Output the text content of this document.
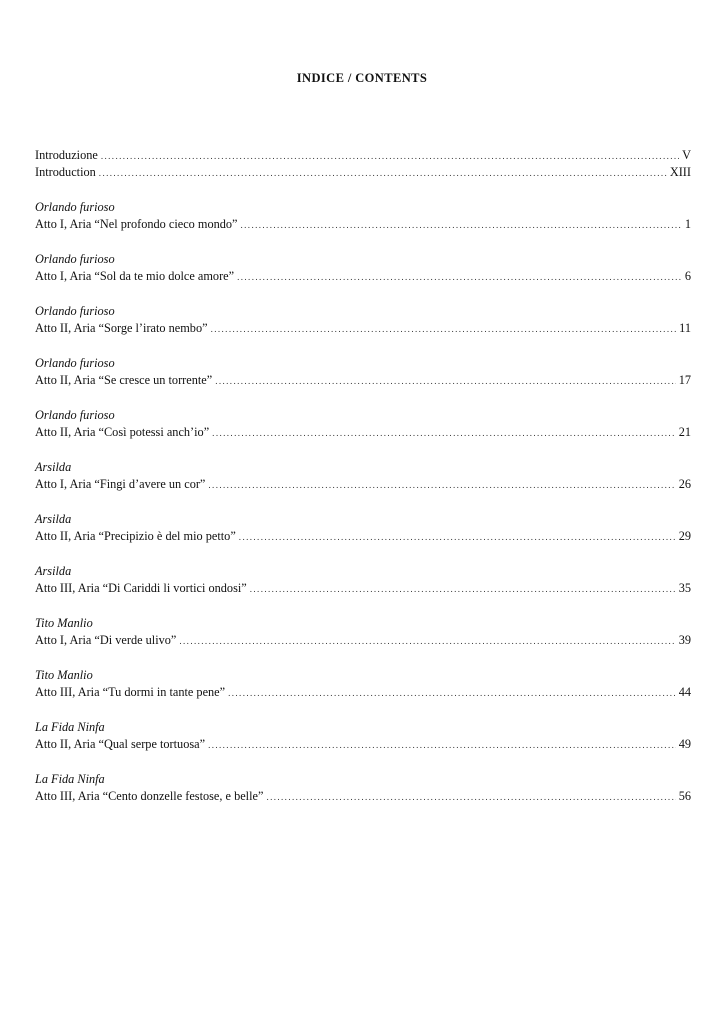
INDICE / CONTENTS
Introduzione .....	V
Introduction .....	XIII
Orlando furioso
Atto I, Aria “Nel profondo cieco mondo” .....	1
Orlando furioso
Atto I, Aria “Sol da te mio dolce amore” .....	6
Orlando furioso
Atto II, Aria “Sorge l’irato nembo” .....	11
Orlando furioso
Atto II, Aria “Se cresce un torrente” .....	17
Orlando furioso
Atto II, Aria “Così potessi anch’io” .....	21
Arsilda
Atto I, Aria “Fingi d’avere un cor” .....	26
Arsilda
Atto II, Aria “Precipizio è del mio petto” .....	29
Arsilda
Atto III, Aria “Di Cariddi li vortici ondosi” .....	35
Tito Manlio
Atto I, Aria “Di verde ulivo” .....	39
Tito Manlio
Atto III, Aria “Tu dormi in tante pene” .....	44
La Fida Ninfa
Atto II, Aria “Qual serpe tortuosa” .....	49
La Fida Ninfa
Atto III, Aria “Cento donzelle festose, e belle” .....	56
